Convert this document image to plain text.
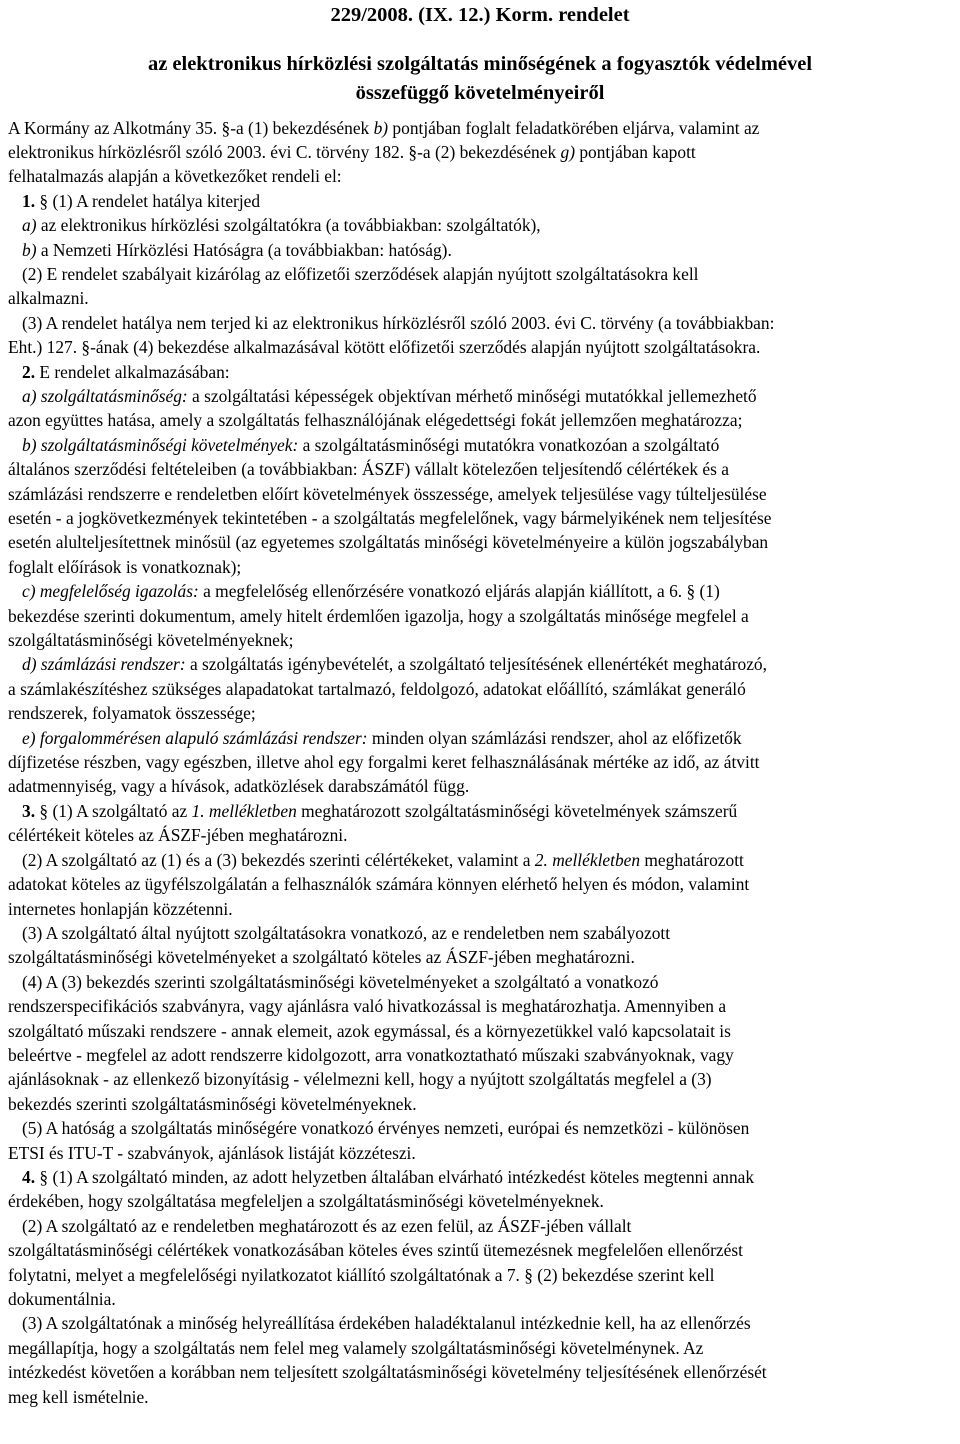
229/2008. (IX. 12.) Korm. rendelet
az elektronikus hírközlési szolgáltatás minőségének a fogyasztók védelmével
összefüggő követelményeiről
A Kormány az Alkotmány 35. §-a (1) bekezdésének b) pontjában foglalt feladatkörében eljárva, valamint az
elektronikus hírközlésről szóló 2003. évi C. törvény 182. §-a (2) bekezdésének g) pontjában kapott
felhatalmazás alapján a következőket rendeli el:
1. § (1) A rendelet hatálya kiterjed
a) az elektronikus hírközlési szolgáltatókra (a továbbiakban: szolgáltatók),
b) a Nemzeti Hírközlési Hatóságra (a továbbiakban: hatóság).
(2) E rendelet szabályait kizárólag az előfizetői szerződések alapján nyújtott szolgáltatásokra kell
alkalmazni.
(3) A rendelet hatálya nem terjed ki az elektronikus hírközlésről szóló 2003. évi C. törvény (a továbbiakban:
Eht.) 127. §-ának (4) bekezdése alkalmazásával kötött előfizetői szerződés alapján nyújtott szolgáltatásokra.
2. E rendelet alkalmazásában:
a) szolgáltatásminőség: a szolgáltatási képességek objektívan mérhető minőségi mutatókkal jellemezhető
azon együttes hatása, amely a szolgáltatás felhasználójának elégedettségi fokát jellemzően meghatározza;
b) szolgáltatásminőségi követelmények: a szolgáltatásminőségi mutatókra vonatkozóan a szolgáltató
általános szerződési feltételeiben (a továbbiakban: ÁSZF) vállalt kötelezően teljesítendő célértékek és a
számlázási rendszerre e rendeletben előírt követelmények összessége, amelyek teljesülése vagy túlteljesülése
esetén - a jogkövetkezmények tekintetében - a szolgáltatás megfelelőnek, vagy bármelyikének nem teljesítése
esetén alulteljesítettnek minősül (az egyetemes szolgáltatás minőségi követelményeire a külön jogszabályban
foglalt előírások is vonatkoznak);
c) megfelelőség igazolás: a megfelelőség ellenőrzésére vonatkozó eljárás alapján kiállított, a 6. § (1)
bekezdése szerinti dokumentum, amely hitelt érdemlően igazolja, hogy a szolgáltatás minősége megfelel a
szolgáltatásminőségi követelményeknek;
d) számlázási rendszer: a szolgáltatás igénybevételét, a szolgáltató teljesítésének ellenértékét meghatározó,
a számlakészítéshez szükséges alapadatokat tartalmazó, feldolgozó, adatokat előállító, számlákat generáló
rendszerek, folyamatok összessége;
e) forgalommérésen alapuló számlázási rendszer: minden olyan számlázási rendszer, ahol az előfizetők
díjfizetése részben, vagy egészben, illetve ahol egy forgalmi keret felhasználásának mértéke az idő, az átvitt
adatmennyiség, vagy a hívások, adatközlések darabszámától függ.
3. § (1) A szolgáltató az 1. mellékletben meghatározott szolgáltatásminőségi követelmények számszerű
célértékeit köteles az ÁSZF-jében meghatározni.
(2) A szolgáltató az (1) és a (3) bekezdés szerinti célértékeket, valamint a 2. mellékletben meghatározott
adatokat köteles az ügyfélszolgálatán a felhasználók számára könnyen elérhető helyen és módon, valamint
internetes honlapján közzétenni.
(3) A szolgáltató által nyújtott szolgáltatásokra vonatkozó, az e rendeletben nem szabályozott
szolgáltatásminőségi követelményeket a szolgáltató köteles az ÁSZF-jében meghatározni.
(4) A (3) bekezdés szerinti szolgáltatásminőségi követelményeket a szolgáltató a vonatkozó
rendszerspecifikációs szabványra, vagy ajánlásra való hivatkozással is meghatározhatja. Amennyiben a
szolgáltató műszaki rendszere - annak elemeit, azok egymással, és a környezetükkel való kapcsolatait is
beleértve - megfelel az adott rendszerre kidolgozott, arra vonatkoztatható műszaki szabványoknak, vagy
ajánlásoknak - az ellenkező bizonyításig - vélelmezni kell, hogy a nyújtott szolgáltatás megfelel a (3)
bekezdés szerinti szolgáltatásminőségi követelményeknek.
(5) A hatóság a szolgáltatás minőségére vonatkozó érvényes nemzeti, európai és nemzetközi - különösen
ETSI és ITU-T - szabványok, ajánlások listáját közzéteszi.
4. § (1) A szolgáltató minden, az adott helyzetben általában elvárható intézkedést köteles megtenni annak
érdekében, hogy szolgáltatása megfeleljen a szolgáltatásminőségi követelményeknek.
(2) A szolgáltató az e rendeletben meghatározott és az ezen felül, az ÁSZF-jében vállalt
szolgáltatásminőségi célértékek vonatkozásában köteles éves szintű ütemezésnek megfelelően ellenőrzést
folytatni, melyet a megfelelőségi nyilatkozatot kiállító szolgáltatónak a 7. § (2) bekezdése szerint kell
dokumentálnia.
(3) A szolgáltatónak a minőség helyreállítása érdekében haladéktalanul intézkednie kell, ha az ellenőrzés
megállapítja, hogy a szolgáltatás nem felel meg valamely szolgáltatásminőségi követelménynek. Az
intézkedést követően a korábban nem teljesített szolgáltatásminőségi követelmény teljesítésének ellenőrzését
meg kell ismételnie.
